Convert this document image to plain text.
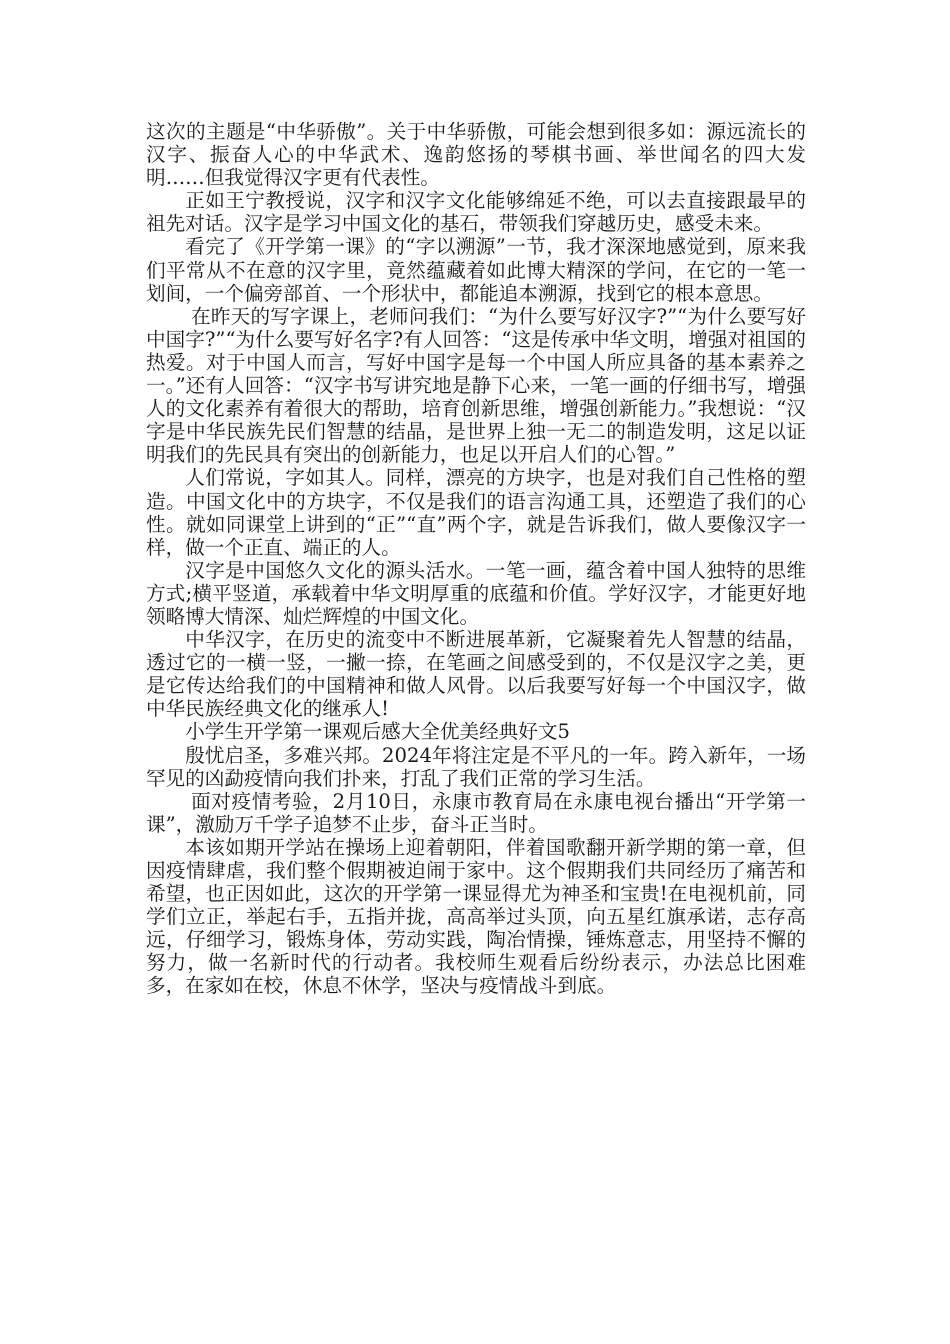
这次的主题是“中华骄傲”。关于中华骄傲，可能会想到很多如：源远流长的汉字、振奋人心的中华武术、逸韵悠扬的琴棋书画、举世闻名的四大发明……但我觉得汉字更有代表性。

正如王宁教授说，汉字和汉字文化能够绵延不绝，可以去直接跟最早的祖先对话。汉字是学习中国文化的基石，带领我们穿越历史，感受未来。

看完了《开学第一课》的“字以溯源”一节，我才深深地感觉到，原来我们平常从不在意的汉字里，竟然蕴藏着如此博大精深的学问，在它的一笔一划间，一个偏旁部首、一个形状中，都能追本溯源，找到它的根本意思。

在昨天的写字课上，老师问我们：“为什么要写好汉字?”“为什么要写好中国字?”“为什么要写好名字?有人回答：“这是传承中华文明，增强对祖国的热爱。对于中国人而言，写好中国字是每一个中国人所应具备的基本素养之一。”还有人回答：“汉字书写讲究地是静下心来，一笔一画的仔细书写，增强人的文化素养有着很大的帮助，培育创新思维，增强创新能力。”我想说：“汉字是中华民族先民们智慧的结晶，是世界上独一无二的制造发明，这足以证明我们的先民具有突出的创新能力，也足以开启人们的心智。”

人们常说，字如其人。同样，漂亮的方块字，也是对我们自己性格的塑造。中国文化中的方块字，不仅是我们的语言沟通工具，还塑造了我们的心性。就如同课堂上讲到的“正”“直”两个字，就是告诉我们，做人要像汉字一样，做一个正直、端正的人。

汉字是中国悠久文化的源头活水。一笔一画，蕴含着中国人独特的思维方式;横平竖道，承载着中华文明厚重的底蕴和价值。学好汉字，才能更好地领略博大情深、灿烂辉煌的中国文化。

中华汉字，在历史的流变中不断进展革新，它凝聚着先人智慧的结晶，透过它的一横一竖，一撇一捺，在笔画之间感受到的，不仅是汉字之美，更是它传达给我们的中国精神和做人风骨。以后我要写好每一个中国汉字，做中华民族经典文化的继承人!

小学生开学第一课观后感大全优美经典好文5

殷忧启圣，多难兴邦。2024年将注定是不平凡的一年。跨入新年，一场罕见的凶勐疫情向我们扑来，打乱了我们正常的学习生活。

面对疫情考验，2月10日，永康市教育局在永康电视台播出“开学第一课”，激励万千学子追梦不止步，奋斗正当时。

本该如期开学站在操场上迎着朝阳，伴着国歌翻开新学期的第一章，但因疫情肆虐，我们整个假期被迫闹于家中。这个假期我们共同经历了痛苦和希望，也正因如此，这次的开学第一课显得尤为神圣和宝贵!在电视机前，同学们立正，举起右手，五指并拢，高高举过头顶，向五星红旗承诺，志存高远，仔细学习，锻炼身体，劳动实践，陶冶情操，锤炼意志，用坚持不懈的努力，做一名新时代的行动者。我校师生观看后纷纷表示，办法总比困难多，在家如在校，休息不休学，坚决与疫情战斗到底。
